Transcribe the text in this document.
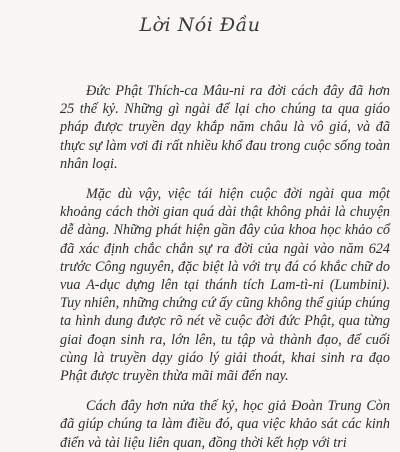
Lời Nói Đầu

Đức Phật Thích-ca Mâu-ni ra đời cách đây đã hơn 25 thế kỷ. Những gì ngài để lại cho chúng ta qua giáo pháp được truyền dạy khắp năm châu là vô giá, và đã thực sự làm vơi đi rất nhiều khổ đau trong cuộc sống toàn nhân loại.

Mặc dù vậy, việc tái hiện cuộc đời ngài qua một khoảng cách thời gian quá dài thật không phải là chuyện dễ dàng. Những phát hiện gần đây của khoa học khảo cổ đã xác định chắc chắn sự ra đời của ngài vào năm 624 trước Công nguyên, đặc biệt là với trụ đá có khắc chữ do vua A-dục dựng lên tại thánh tích Lam-tì-ni (Lumbini). Tuy nhiên, những chứng cứ ấy cũng không thể giúp chúng ta hình dung được rõ nét về cuộc đời đức Phật, qua từng giai đoạn sinh ra, lớn lên, tu tập và thành đạo, để cuối cùng là truyền dạy giáo lý giải thoát, khai sinh ra đạo Phật được truyền thừa mãi mãi đến nay.

Cách đây hơn nửa thế kỷ, học giả Đoàn Trung Còn đã giúp chúng ta làm điều đó, qua việc khảo sát các kinh điển và tài liệu liên quan, đồng thời kết hợp với tri
